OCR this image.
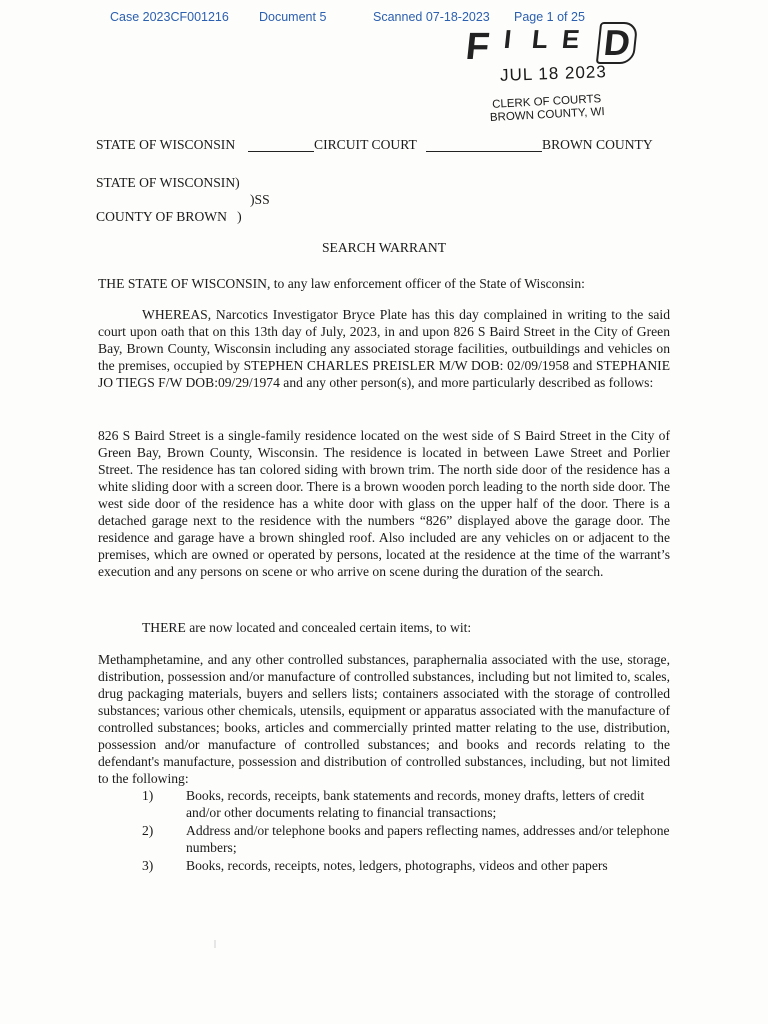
Case 2023CF001216 Document 5	Scanned 07-18-2023 Page 1 of 25
F I L E D
JUL 18 2023
CLERK OF COURTS
BROWN COUNTY, WI
STATE OF WISCONSIN	CIRCUIT COURT	BROWN COUNTY
STATE OF WISCONSIN)
)SS
COUNTY OF BROWN   )
SEARCH WARRANT
THE STATE OF WISCONSIN, to any law enforcement officer of the State of Wisconsin:
WHEREAS, Narcotics Investigator Bryce Plate has this day complained in writing to the said court upon oath that on this 13th day of July, 2023, in and upon 826 S Baird Street in the City of Green Bay, Brown County, Wisconsin including any associated storage facilities, outbuildings and vehicles on the premises, occupied by STEPHEN CHARLES PREISLER M/W DOB: 02/09/1958 and STEPHANIE JO TIEGS F/W DOB:09/29/1974 and any other person(s), and more particularly described as follows:
826 S Baird Street is a single-family residence located on the west side of S Baird Street in the City of Green Bay, Brown County, Wisconsin. The residence is located in between Lawe Street and Porlier Street. The residence has tan colored siding with brown trim. The north side door of the residence has a white sliding door with a screen door. There is a brown wooden porch leading to the north side door. The west side door of the residence has a white door with glass on the upper half of the door. There is a detached garage next to the residence with the numbers “826” displayed above the garage door. The residence and garage have a brown shingled roof. Also included are any vehicles on or adjacent to the premises, which are owned or operated by persons, located at the residence at the time of the warrant’s execution and any persons on scene or who arrive on scene during the duration of the search.
THERE are now located and concealed certain items, to wit:
Methamphetamine, and any other controlled substances, paraphernalia associated with the use, storage, distribution, possession and/or manufacture of controlled substances, including but not limited to, scales, drug packaging materials, buyers and sellers lists; containers associated with the storage of controlled substances; various other chemicals, utensils, equipment or apparatus associated with the manufacture of controlled substances; books, articles and commercially printed matter relating to the use, distribution, possession and/or manufacture of controlled substances; and books and records relating to the defendant's manufacture, possession and distribution of controlled substances, including, but not limited to the following:
1) Books, records, receipts, bank statements and records, money drafts, letters of credit and/or other documents relating to financial transactions;
2) Address and/or telephone books and papers reflecting names, addresses and/or telephone numbers;
3) Books, records, receipts, notes, ledgers, photographs, videos and other papers
